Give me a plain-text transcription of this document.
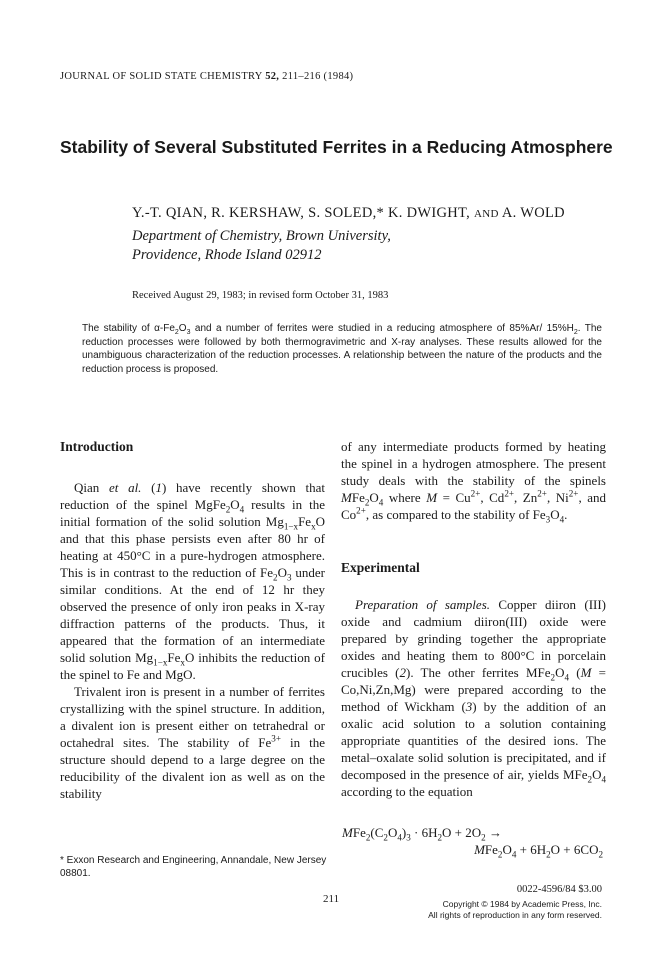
JOURNAL OF SOLID STATE CHEMISTRY 52, 211–216 (1984)
Stability of Several Substituted Ferrites in a Reducing Atmosphere
Y.-T. QIAN, R. KERSHAW, S. SOLED,* K. DWIGHT, AND A. WOLD
Department of Chemistry, Brown University,
Providence, Rhode Island 02912
Received August 29, 1983; in revised form October 31, 1983
The stability of $\alpha-Fe_2O_3$ and a number of ferrites were studied in a reducing atmosphere of 85%Ar/ $15\%H_2$. The reduction processes were followed by both thermogravimetric and X-ray analyses. These results allowed for the unambiguous characterization of the reduction processes. A relationship between the nature of the products and the reduction process is proposed.
Introduction

Qian et al. (1) have recently shown that reduction of the spinel $MgFe_2O_4$ results in the initial formation of the solid solution $Mg_{1-x}Fe_xO$ and that this phase persists even after 80 hr of heating at 450°C in a pure-hydrogen atmosphere. This is in contrast to the reduction of $Fe_2O_3$ under similar conditions. At the end of 12 hr they observed the presence of only iron peaks in X-ray diffraction patterns of the products. Thus, it appeared that the formation of an intermediate solid solution $Mg_{1-x}Fe_xO$ inhibits the reduction of the spinel to Fe and MgO.

Trivalent iron is present in a number of ferrites crystallizing with the spinel structure. In addition, a divalent ion is present either on tetrahedral or octahedral sites. The stability of $Fe^{3+}$ in the structure should depend to a large degree on the reducibility of the divalent ion as well as on the stability

of any intermediate products formed by heating the spinel in a hydrogen atmosphere. The present study deals with the stability of the spinels $MFe_2O_4$ where $M = Cu^{2+}$, $Cd^{2+}$, $Zn^{2+}$, $Ni^{2+}$, and $Co^{2+}$, as compared to the stability of $Fe_3O_4$.

Experimental

Preparation of samples. Copper diiron (III) oxide and cadmium diiron(III) oxide were prepared by grinding together the appropriate oxides and heating them to 800°C in porcelain crucibles (2). The other ferrites $MFe_2O_4$ (M = Co,Ni,Zn,Mg) were prepared according to the method of Wickham (3) by the addition of an oxalic acid solution to a solution containing appropriate quantities of the desired ions. The metal–oxalate solid solution is precipitated, and if decomposed in the presence of air, yields $MFe_2O_4$ according to the equation

$MFe_2(C_2O_4)_3 \cdot 6H_2O + 2O_2$ →
$MFe_2O_4 + 6H_2O + 6CO_2$
* Exxon Research and Engineering, Annandale, New Jersey 08801.
211
0022-4596/84 $3.00
Copyright © 1984 by Academic Press, Inc.
All rights of reproduction in any form reserved.
